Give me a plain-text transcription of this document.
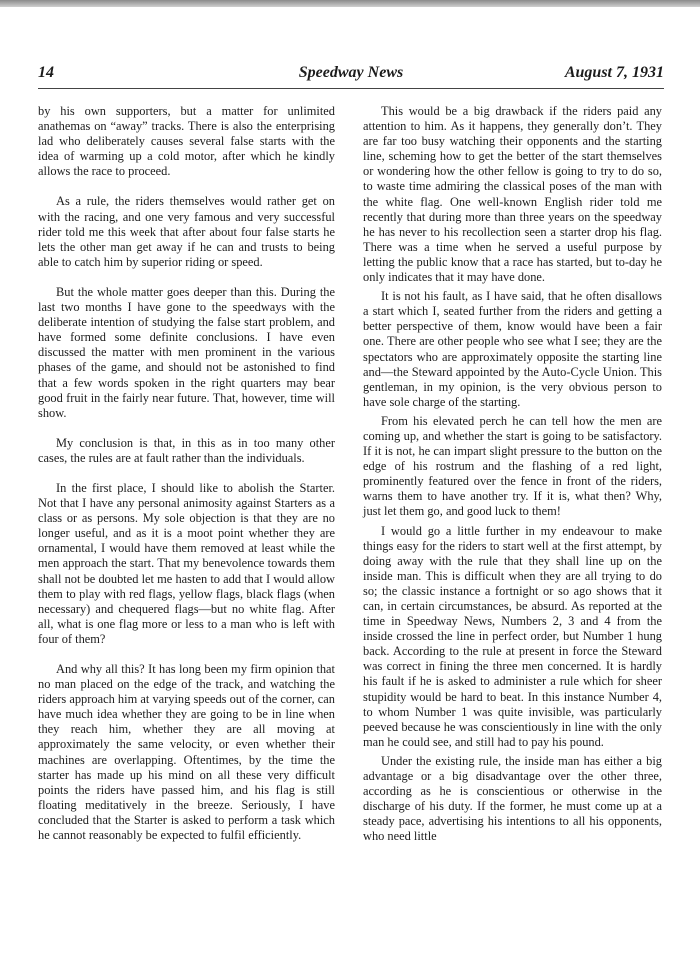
Speedway News
14	August 7, 1931

by his own supporters, but a matter for unlimited anathemas on “away” tracks. There is also the enterprising lad who deliberately causes several false starts with the idea of warming up a cold motor, after which he kindly allows the race to proceed.

As a rule, the riders themselves would rather get on with the racing, and one very famous and very successful rider told me this week that after about four false starts he lets the other man get away if he can and trusts to being able to catch him by superior riding or speed.

But the whole matter goes deeper than this. During the last two months I have gone to the speedways with the deliberate intention of studying the false start problem, and have formed some definite conclusions. I have even discussed the matter with men prominent in the various phases of the game, and should not be astonished to find that a few words spoken in the right quarters may bear good fruit in the fairly near future. That, however, time will show.

My conclusion is that, in this as in too many other cases, the rules are at fault rather than the individuals.

In the first place, I should like to abolish the Starter. Not that I have any personal animosity against Starters as a class or as persons. My sole objection is that they are no longer useful, and as it is a moot point whether they are ornamental, I would have them removed at least while the men approach the start. That my benevolence towards them shall not be doubted let me hasten to add that I would allow them to play with red flags, yellow flags, black flags (when necessary) and chequered flags—but no white flag. After all, what is one flag more or less to a man who is left with four of them?

And why all this? It has long been my firm opinion that no man placed on the edge of the track, and watching the riders approach him at varying speeds out of the corner, can have much idea whether they are going to be in line when they reach him, whether they are all moving at approximately the same velocity, or even whether their machines are overlapping. Oftentimes, by the time the starter has made up his mind on all these very difficult points the riders have passed him, and his flag is still floating meditatively in the breeze. Seriously, I have concluded that the Starter is asked to perform a task which he cannot reasonably be expected to fulfil efficiently.

This would be a big drawback if the riders paid any attention to him. As it happens, they generally don’t. They are far too busy watching their opponents and the starting line, scheming how to get the better of the start themselves or wondering how the other fellow is going to try to do so, to waste time admiring the classical poses of the man with the white flag. One well-known English rider told me recently that during more than three years on the speedway he has never to his recollection seen a starter drop his flag. There was a time when he served a useful purpose by letting the public know that a race has started, but to-day he only indicates that it may have done.

It is not his fault, as I have said, that he often disallows a start which I, seated further from the riders and getting a better perspective of them, know would have been a fair one. There are other people who see what I see; they are the spectators who are approximately opposite the starting line and—the Steward appointed by the Auto-Cycle Union. This gentleman, in my opinion, is the very obvious person to have sole charge of the starting.

From his elevated perch he can tell how the men are coming up, and whether the start is going to be satisfactory. If it is not, he can impart slight pressure to the button on the edge of his rostrum and the flashing of a red light, prominently featured over the fence in front of the riders, warns them to have another try. If it is, what then? Why, just let them go, and good luck to them!

I would go a little further in my endeavour to make things easy for the riders to start well at the first attempt, by doing away with the rule that they shall line up on the inside man. This is difficult when they are all trying to do so; the classic instance a fortnight or so ago shows that it can, in certain circumstances, be absurd. As reported at the time in Speedway News, Numbers 2, 3 and 4 from the inside crossed the line in perfect order, but Number 1 hung back. According to the rule at present in force the Steward was correct in fining the three men concerned. It is hardly his fault if he is asked to administer a rule which for sheer stupidity would be hard to beat. In this instance Number 4, to whom Number 1 was quite invisible, was particularly peeved because he was conscientiously in line with the only man he could see, and still had to pay his pound.

Under the existing rule, the inside man has either a big advantage or a big disadvantage over the other three, according as he is conscientious or otherwise in the discharge of his duty. If the former, he must come up at a steady pace, advertising his intentions to all his opponents, who need little
